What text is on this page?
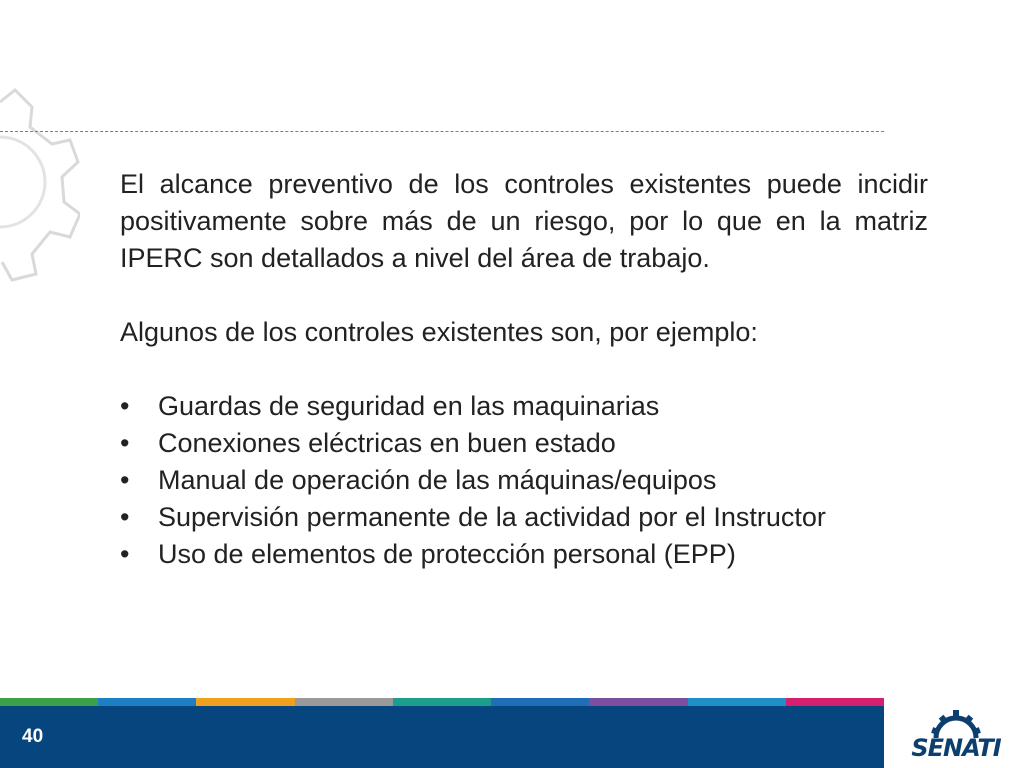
El alcance preventivo de los controles existentes puede incidir positivamente sobre más de un riesgo, por lo que en la matriz IPERC son detallados a nivel del área de trabajo.

Algunos de los controles existentes son, por ejemplo:

• Guardas de seguridad en las maquinarias
• Conexiones eléctricas en buen estado
• Manual de operación de las máquinas/equipos
• Supervisión permanente de la actividad por el Instructor
• Uso de elementos de protección personal (EPP)
40	SENATI
